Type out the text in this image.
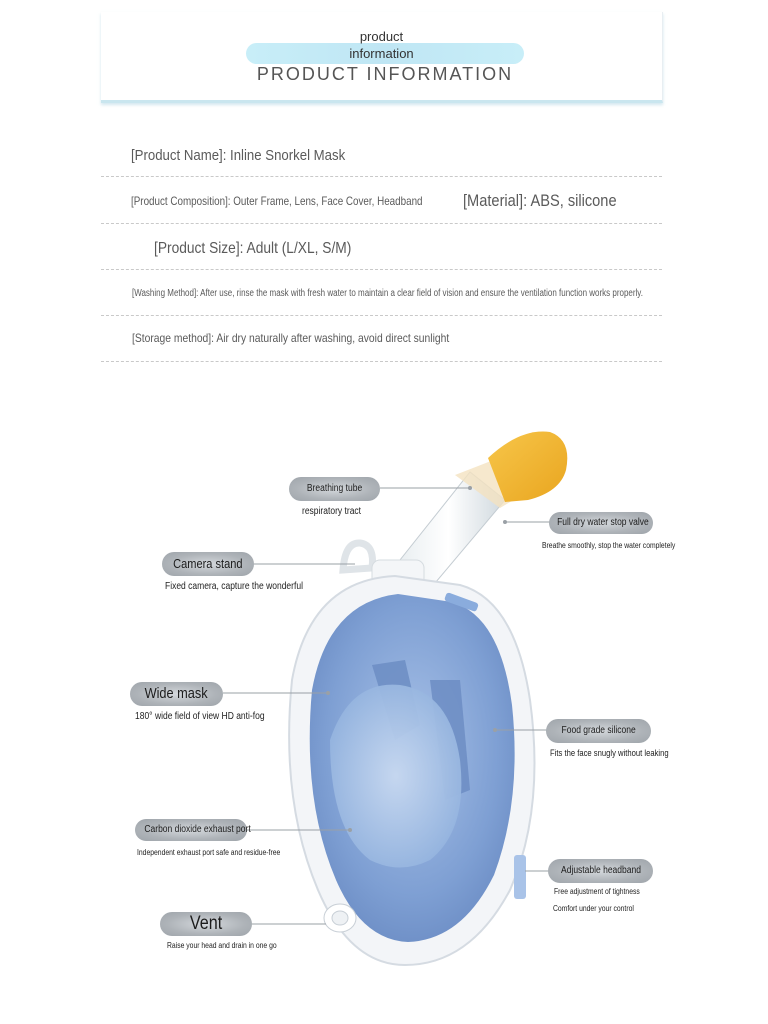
product
information
PRODUCT INFORMATION
[Product Name]: Inline Snorkel Mask
[Product Composition]: Outer Frame, Lens, Face Cover, Headband [Material]: ABS, silicone
[Product Size]: Adult (L/XL, S/M)
[Washing Method]: After use, rinse the mask with fresh water to maintain a clear field of vision and ensure the ventilation function works properly.
[Storage method]: Air dry naturally after washing, avoid direct sunlight
Breathing tube
respiratory tract
Full dry water stop valve
Breathe smoothly, stop the water completely
Camera stand
Fixed camera, capture the wonderful
Wide mask
180° wide field of view HD anti-fog
Food grade silicone
Fits the face snugly without leaking
Carbon dioxide exhaust port
Independent exhaust port safe and residue-free
Adjustable headband
Free adjustment of tightness
Comfort under your control
Vent
Raise your head and drain in one go
